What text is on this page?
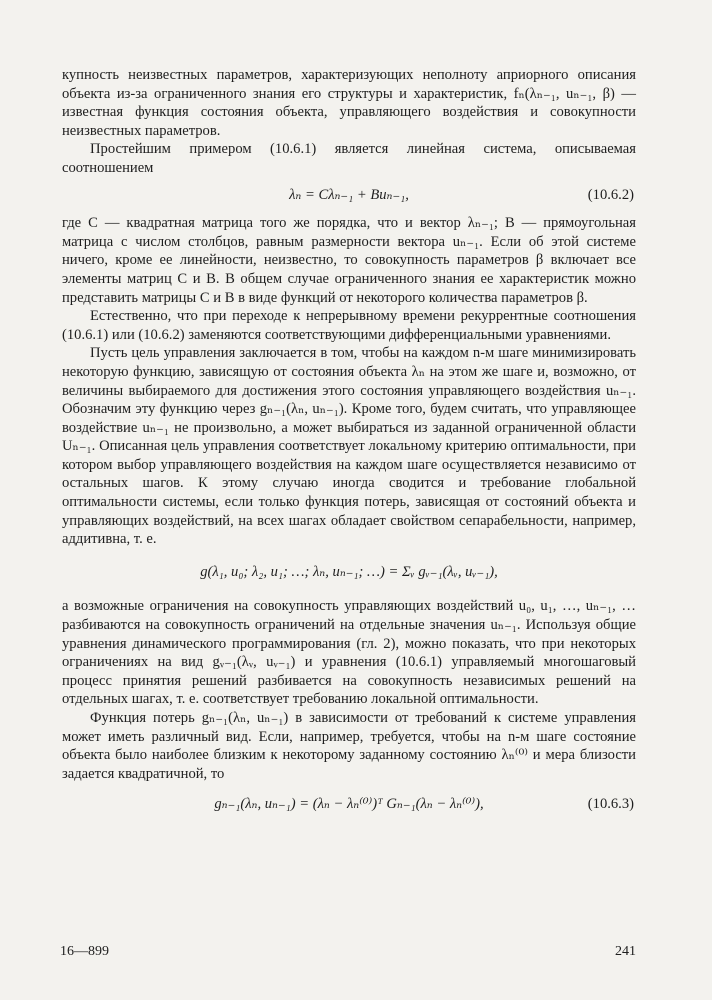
купность неизвестных параметров, характеризующих неполноту априорного описания объекта из-за ограниченного знания его структуры и характеристик, fₙ(λₙ₋₁, uₙ₋₁, β) — известная функция состояния объекта, управляющего воздействия и совокупности неизвестных параметров.

Простейшим примером (10.6.1) является линейная система, описываемая соотношением

λₙ = Cλₙ₋₁ + Buₙ₋₁,	(10.6.2)

где C — квадратная матрица того же порядка, что и вектор λₙ₋₁; B — прямоугольная матрица с числом столбцов, равным размерности вектора uₙ₋₁. Если об этой системе ничего, кроме ее линейности, неизвестно, то совокупность параметров β включает все элементы матриц C и B. В общем случае ограниченного знания ее характеристик можно представить матрицы C и B в виде функций от некоторого количества параметров β.

Естественно, что при переходе к непрерывному времени рекуррентные соотношения (10.6.1) или (10.6.2) заменяются соответствующими дифференциальными уравнениями.

Пусть цель управления заключается в том, чтобы на каждом n-м шаге минимизировать некоторую функцию, зависящую от состояния объекта λₙ на этом же шаге и, возможно, от величины выбираемого для достижения этого состояния управляющего воздействия uₙ₋₁. Обозначим эту функцию через gₙ₋₁(λₙ, uₙ₋₁). Кроме того, будем считать, что управляющее воздействие uₙ₋₁ не произвольно, а может выбираться из заданной ограниченной области Uₙ₋₁. Описанная цель управления соответствует локальному критерию оптимальности, при котором выбор управляющего воздействия на каждом шаге осуществляется независимо от остальных шагов. К этому случаю иногда сводится и требование глобальной оптимальности системы, если только функция потерь, зависящая от состояний объекта и управляющих воздействий, на всех шагах обладает свойством сепарабельности, например, аддитивна, т. е.

g(λ₁, u₀; λ₂, u₁; …; λₙ, uₙ₋₁; …) = Σᵥ gᵥ₋₁(λᵥ, uᵥ₋₁),

а возможные ограничения на совокупность управляющих воздействий u₀, u₁, …, uₙ₋₁, … разбиваются на совокупность ограничений на отдельные значения uₙ₋₁. Используя общие уравнения динамического программирования (гл. 2), можно показать, что при некоторых ограничениях на вид gᵥ₋₁(λᵥ, uᵥ₋₁) и уравнения (10.6.1) управляемый многошаговый процесс принятия решений разбивается на совокупность независимых решений на отдельных шагах, т. е. соответствует требованию локальной оптимальности.

Функция потерь gₙ₋₁(λₙ, uₙ₋₁) в зависимости от требований к системе управления может иметь различный вид. Если, например, требуется, чтобы на n-м шаге состояние объекта было наиболее близким к некоторому заданному состоянию λₙ⁽⁰⁾ и мера близости задается квадратичной, то

gₙ₋₁(λₙ, uₙ₋₁) = (λₙ − λₙ⁽⁰⁾)ᵀ Gₙ₋₁(λₙ − λₙ⁽⁰⁾),	(10.6.3)
16—899	241
